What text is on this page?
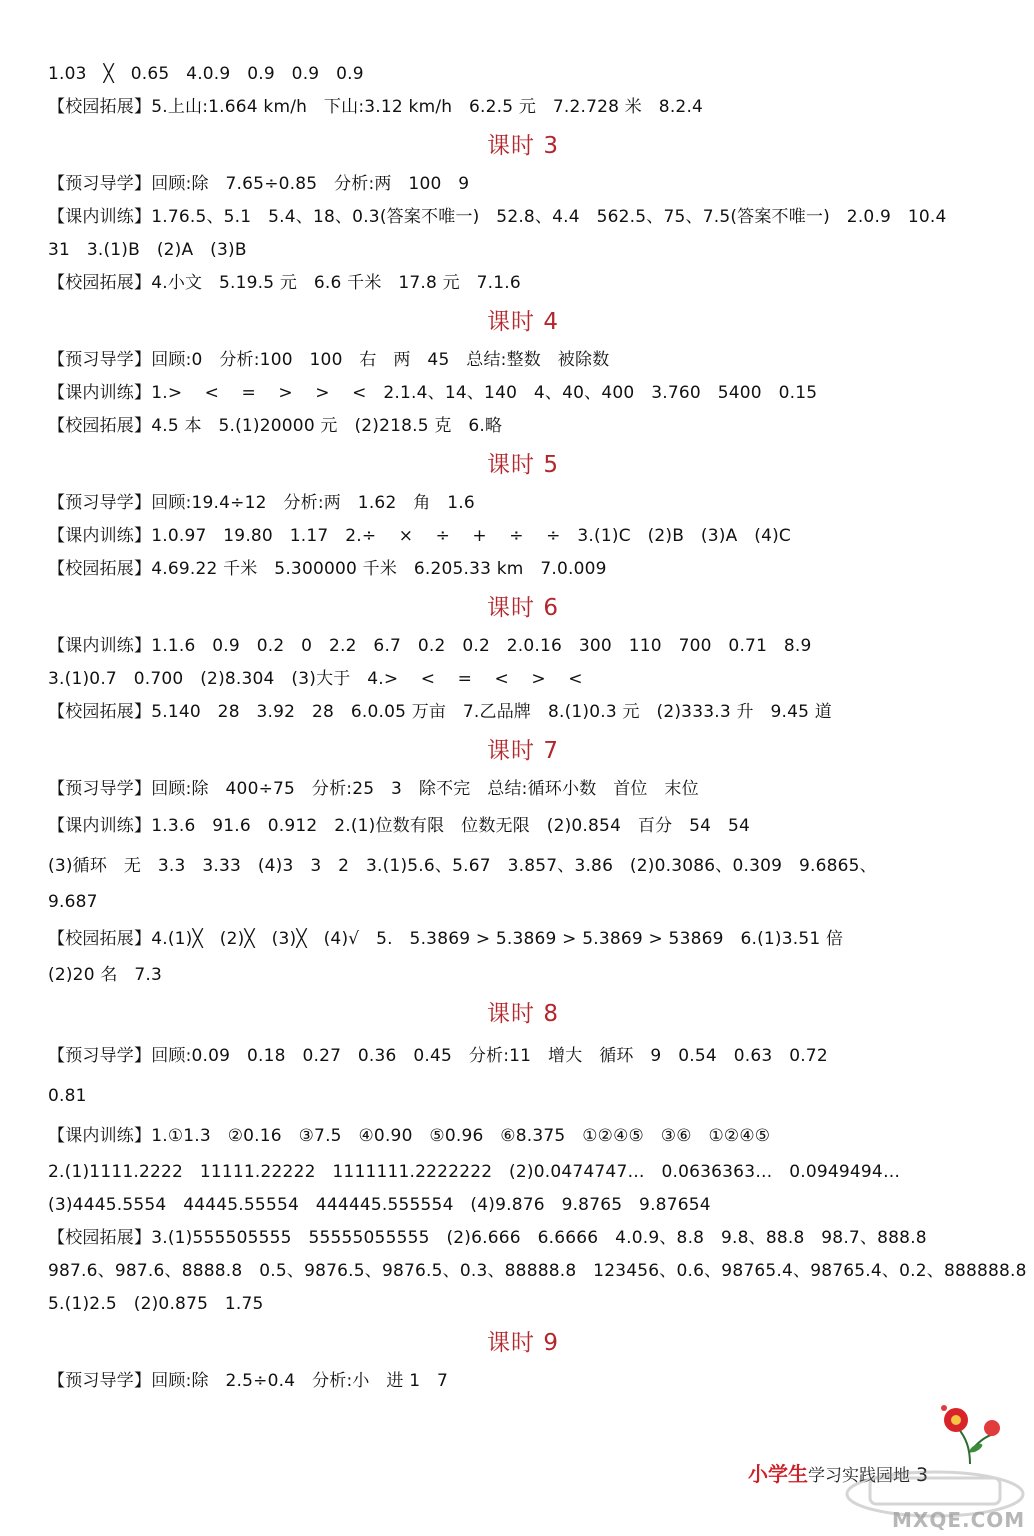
1.03   ╳   0.65   4.0.9   0.9   0.9   0.9
【校园拓展】5.上山:1.664 km/h   下山:3.12 km/h   6.2.5 元   7.2.728 米   8.2.4
课时 3
【预习导学】回顾:除   7.65÷0.85   分析:两   100   9
【课内训练】1.76.5、5.1   5.4、18、0.3(答案不唯一)   52.8、4.4   562.5、75、7.5(答案不唯一)   2.0.9   10.4
31   3.(1)B   (2)A   (3)B
【校园拓展】4.小文   5.19.5 元   6.6 千米   17.8 元   7.1.6
课时 4
【预习导学】回顾:0   分析:100   100   右   两   45   总结:整数   被除数
【课内训练】1.>    <    =    >    >    <   2.1.4、14、140   4、40、400   3.760   5400   0.15
【校园拓展】4.5 本   5.(1)20000 元   (2)218.5 克   6.略
课时 5
【预习导学】回顾:19.4÷12   分析:两   1.62   角   1.6
【课内训练】1.0.97   19.80   1.17   2.÷    ×    ÷    +    ÷    ÷   3.(1)C   (2)B   (3)A   (4)C
【校园拓展】4.69.22 千米   5.300000 千米   6.205.33 km   7.0.009
课时 6
【课内训练】1.1.6   0.9   0.2   0   2.2   6.7   0.2   0.2   2.0.16   300   110   700   0.71   8.9
3.(1)0.7   0.700   (2)8.304   (3)大于   4.>    <    =    <    >    <
【校园拓展】5.140   28   3.92   28   6.0.05 万亩   7.乙品牌   8.(1)0.3 元   (2)333.3 升   9.45 道
课时 7
【预习导学】回顾:除   400÷75   分析:25   3   除不完   总结:循环小数   首位   末位
【课内训练】1.3.6   91.6   0.912   2.(1)位数有限   位数无限   (2)0.854   百分   54   54
(3)循环   无   3.3   3.33   (4)3   3   2   3.(1)5.6、5.67   3.857、3.86   (2)0.3086、0.309   9.6865、
9.687
【校园拓展】4.(1)╳   (2)╳   (3)╳   (4)√   5.   5.3869 > 5.3869 > 5.3869 > 53869   6.(1)3.51 倍
(2)20 名   7.3
课时 8
【预习导学】回顾:0.09   0.18   0.27   0.36   0.45   分析:11   增大   循环   9   0.54   0.63   0.72
0.81
【课内训练】1.①1.3   ②0.16   ③7.5   ④0.90   ⑤0.96   ⑥8.375   ①②④⑤   ③⑥   ①②④⑤
2.(1)1111.2222   11111.22222   1111111.2222222   (2)0.0474747…   0.0636363…   0.0949494…
(3)4445.5554   44445.55554   444445.555554   (4)9.876   9.8765   9.87654
【校园拓展】3.(1)555505555   55555055555   (2)6.666   6.6666   4.0.9、8.8   9.8、88.8   98.7、888.8
987.6、987.6、8888.8   0.5、9876.5、9876.5、0.3、88888.8   123456、0.6、98765.4、98765.4、0.2、888888.8
5.(1)2.5   (2)0.875   1.75
课时 9
【预习导学】回顾:除   2.5÷0.4   分析:小   进 1   7
小学生学习实践园地 3
MXQE.COM
